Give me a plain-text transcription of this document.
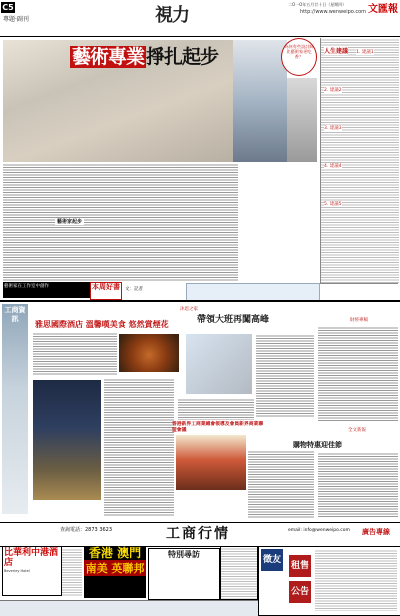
C5
專題·副刊	視力
二O一O年五月廿十日（星期四）
http://www.wenweipo.com 文匯報
藝術專業 掙扎起步	為何有些設計師比藝術家更吃香？
人生建議 1. 建議1
2. 建議2
3. 建議3
4. 建議4
5. 建議5
藝術家起步
藝術家在工作室中創作	本周好書	文：記者
工商資訊
雅思國際酒店 溫馨嘆美食 悠然賞煙花
沐恩之家
帶領大班再闖高峰
香港新界工商業總會領導及會員新界商業聯盟會議
財經專稿
全文新報
購物特惠迎佳節
查詢電話：2873 3623	工商行情	email: info@wenweipo.com 廣告專線
比華利中港酒店
Beverley Hotel
香港 澳門
南美 英聯邦
特別尋訪
徵友
租售
公告
